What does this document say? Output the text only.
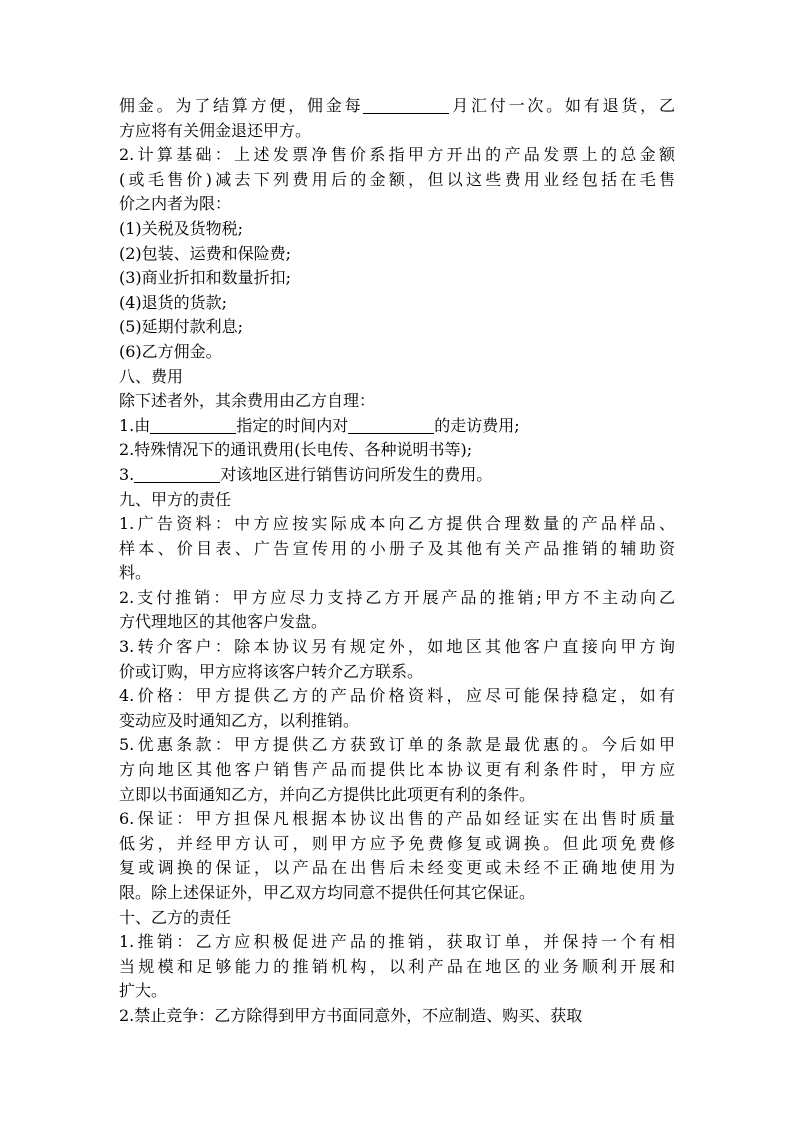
佣金。为了结算方便，佣金每	月汇付一次。如有退货，乙
方应将有关佣金退还甲方。
2.计算基础：上述发票净售价系指甲方开出的产品发票上的总金额
(或毛售价)减去下列费用后的金额，但以这些费用业经包括在毛售
价之内者为限：
(1)关税及货物税;
(2)包装、运费和保险费;
(3)商业折扣和数量折扣;
(4)退货的货款;
(5)延期付款利息;
(6)乙方佣金。
八、费用
除下述者外，其余费用由乙方自理：
1.由	指定的时间内对	的走访费用;
2.特殊情况下的通讯费用(长电传、各种说明书等);
3.	对该地区进行销售访问所发生的费用。
九、甲方的责任
1.广告资料：中方应按实际成本向乙方提供合理数量的产品样品、
样本、价目表、广告宣传用的小册子及其他有关产品推销的辅助资
料。
2.支付推销：甲方应尽力支持乙方开展产品的推销;甲方不主动向乙
方代理地区的其他客户发盘。
3.转介客户：除本协议另有规定外，如地区其他客户直接向甲方询
价或订购，甲方应将该客户转介乙方联系。
4.价格：甲方提供乙方的产品价格资料，应尽可能保持稳定，如有
变动应及时通知乙方，以利推销。
5.优惠条款：甲方提供乙方获致订单的条款是最优惠的。今后如甲
方向地区其他客户销售产品而提供比本协议更有利条件时，甲方应
立即以书面通知乙方，并向乙方提供比此项更有利的条件。
6.保证：甲方担保凡根据本协议出售的产品如经证实在出售时质量
低劣，并经甲方认可，则甲方应予免费修复或调换。但此项免费修
复或调换的保证，以产品在出售后未经变更或未经不正确地使用为
限。除上述保证外，甲乙双方均同意不提供任何其它保证。
十、乙方的责任
1.推销：乙方应积极促进产品的推销，获取订单，并保持一个有相
当规模和足够能力的推销机构，以利产品在地区的业务顺利开展和
扩大。
2.禁止竞争：乙方除得到甲方书面同意外，不应制造、购买、获取
